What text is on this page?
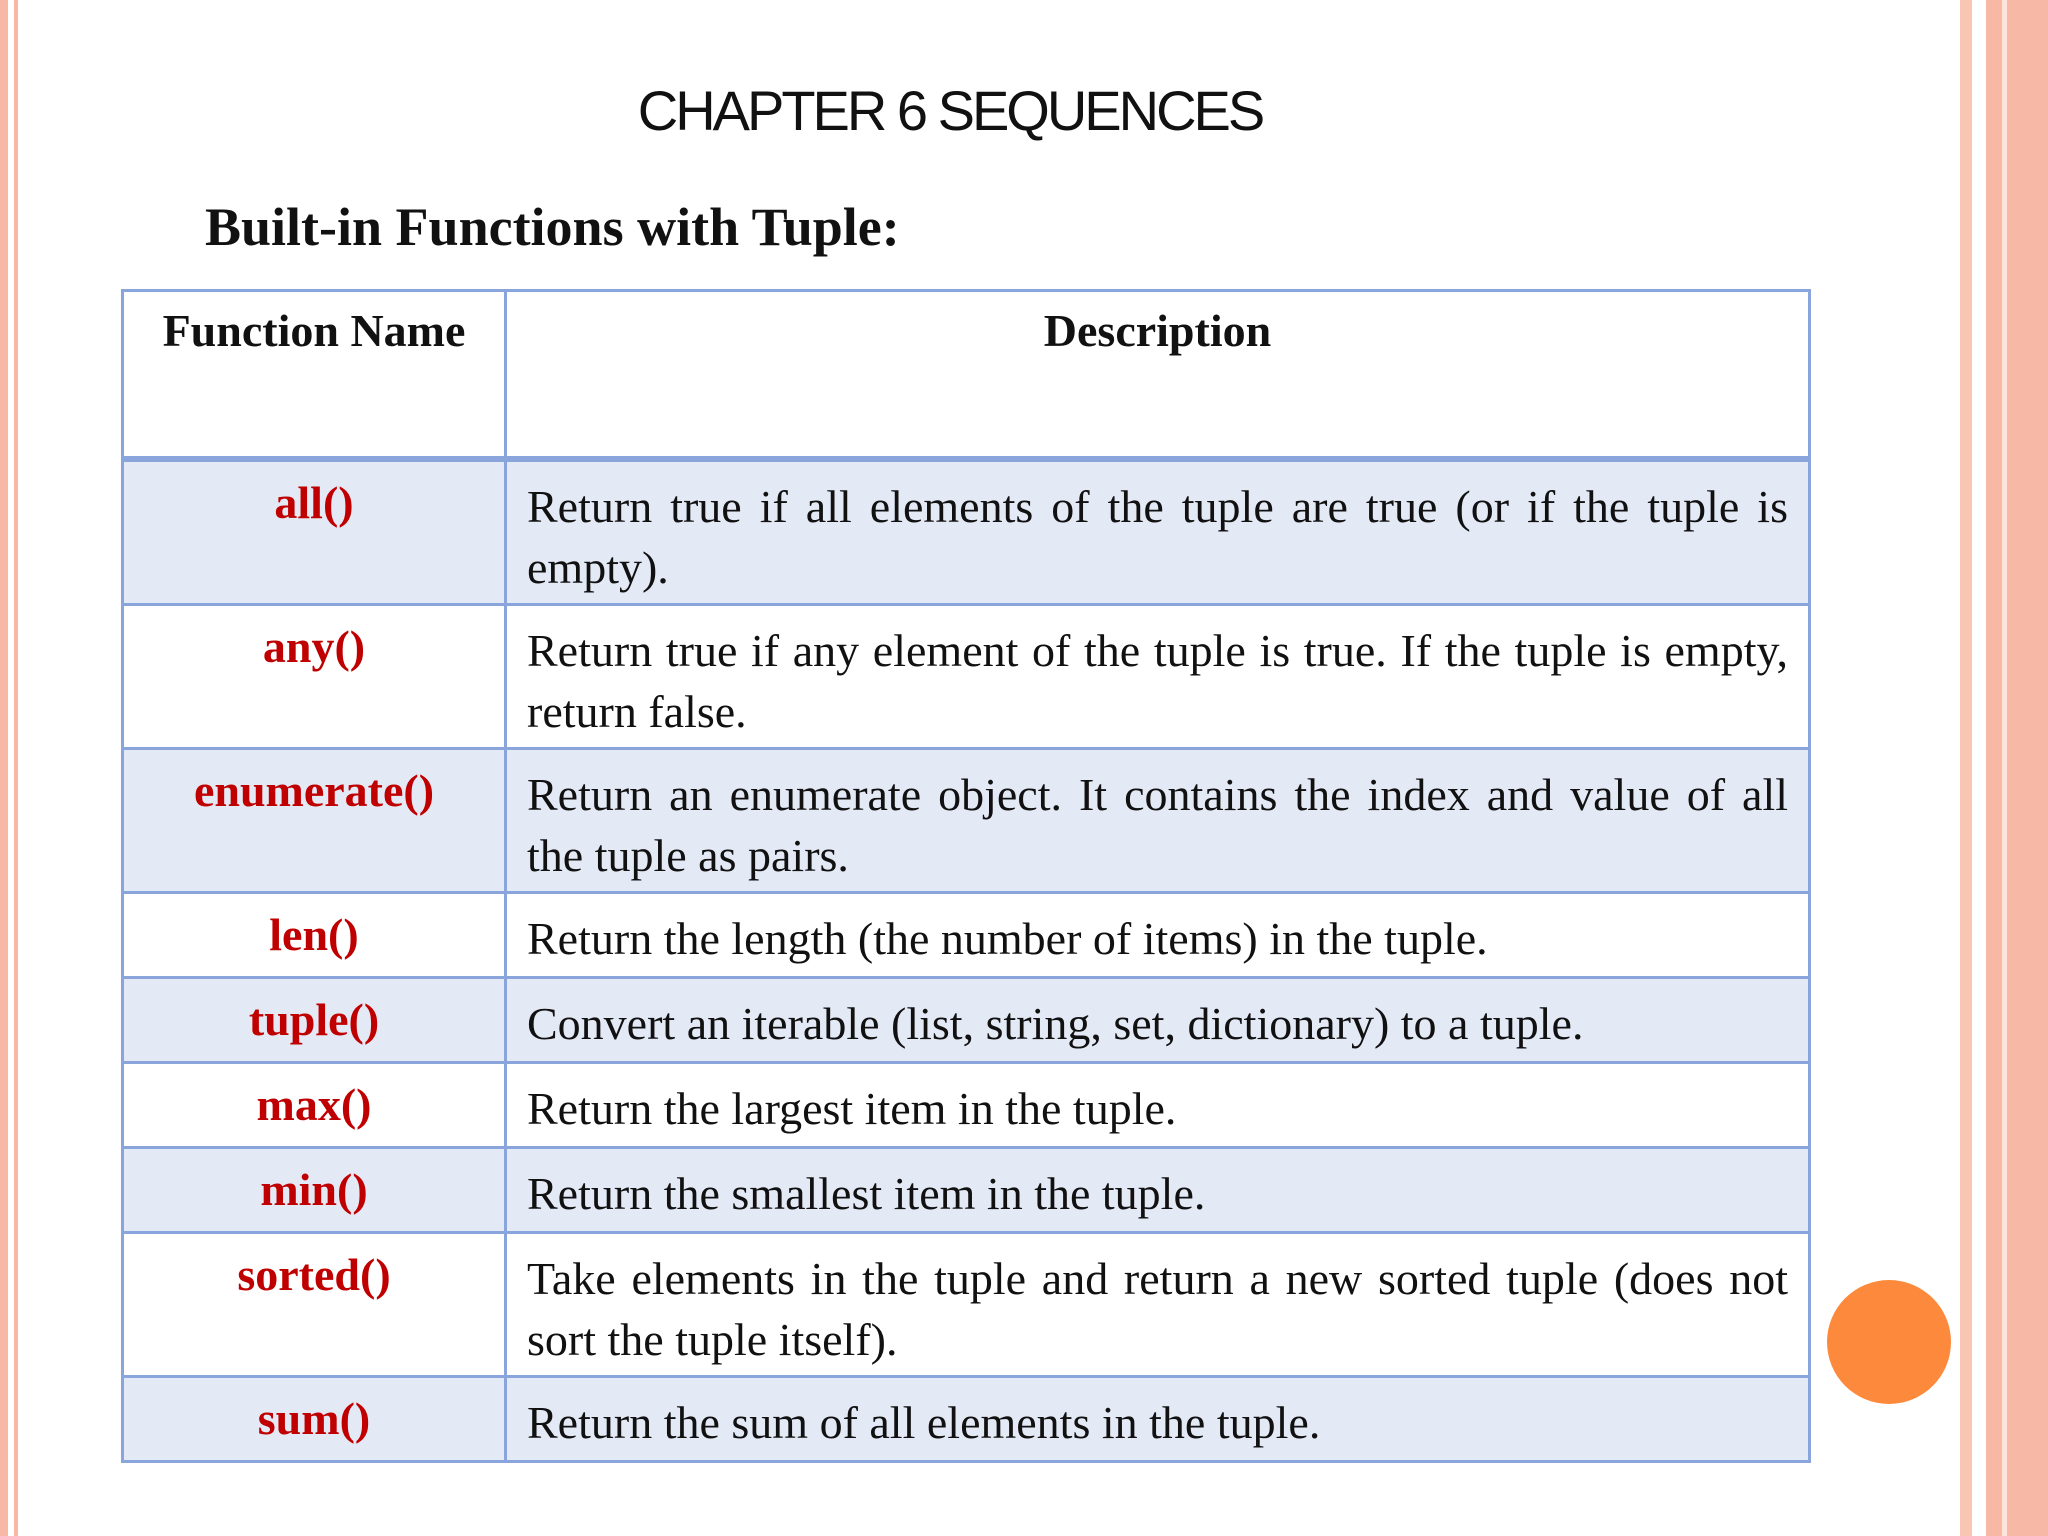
CHAPTER 6 SEQUENCES
Built-in Functions with Tuple:
Function Name	Description
all()	Return true if all elements of the tuple are true (or if the tuple is empty).
any()	Return true if any element of the tuple is true. If the tuple is empty, return false.
enumerate()	Return an enumerate object. It contains the index and value of all the tuple as pairs.
len()	Return the length (the number of items) in the tuple.
tuple()	Convert an iterable (list, string, set, dictionary) to a tuple.
max()	Return the largest item in the tuple.
min()	Return the smallest item in the tuple.
sorted()	Take elements in the tuple and return a new sorted tuple (does not sort the tuple itself).
sum()	Return the sum of all elements in the tuple.
